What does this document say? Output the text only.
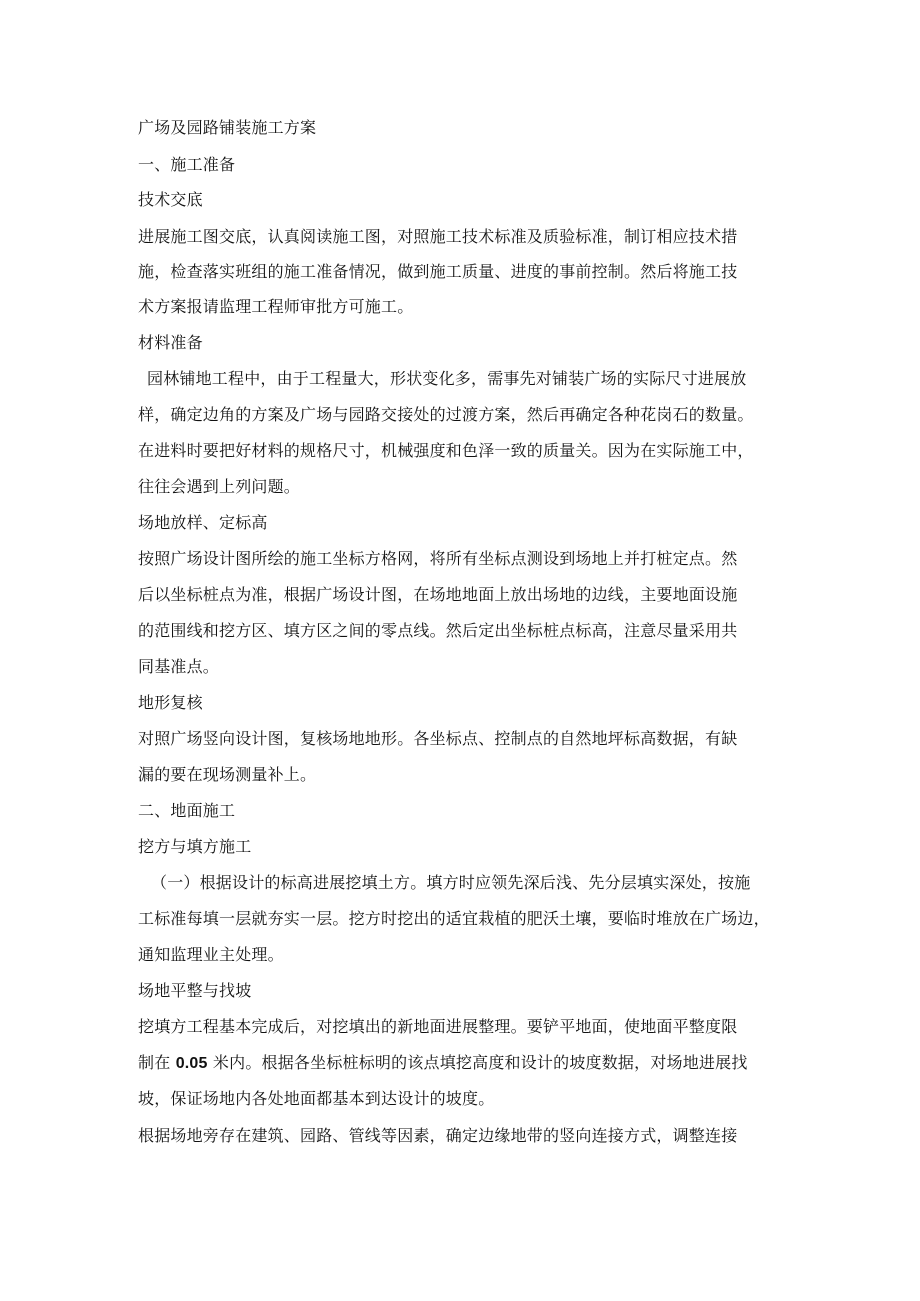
广场及园路铺装施工方案
一、施工准备
技术交底
进展施工图交底，认真阅读施工图，对照施工技术标准及质验标准，制订相应技术措
施，检查落实班组的施工准备情况，做到施工质量、进度的事前控制。然后将施工技
术方案报请监理工程师审批方可施工。
材料准备
园林铺地工程中，由于工程量大，形状变化多，需事先对铺装广场的实际尺寸进展放
样，确定边角的方案及广场与园路交接处的过渡方案，然后再确定各种花岗石的数量。
在进料时要把好材料的规格尺寸，机械强度和色泽一致的质量关。因为在实际施工中，
往往会遇到上列问题。
场地放样、定标高
按照广场设计图所绘的施工坐标方格网，将所有坐标点测设到场地上并打桩定点。然
后以坐标桩点为准，根据广场设计图，在场地地面上放出场地的边线，主要地面设施
的范围线和挖方区、填方区之间的零点线。然后定出坐标桩点标高，注意尽量采用共
同基准点。
地形复核
对照广场竖向设计图，复核场地地形。各坐标点、控制点的自然地坪标高数据，有缺
漏的要在现场测量补上。
二、地面施工
挖方与填方施工
（一）根据设计的标高进展挖填土方。填方时应领先深后浅、先分层填实深处，按施
工标准每填一层就夯实一层。挖方时挖出的适宜栽植的肥沃土壤，要临时堆放在广场边，
通知监理业主处理。
场地平整与找坡
挖填方工程基本完成后，对挖填出的新地面进展整理。要铲平地面，使地面平整度限
制在 0.05 米内。根据各坐标桩标明的该点填挖高度和设计的坡度数据，对场地进展找
坡，保证场地内各处地面都基本到达设计的坡度。
根据场地旁存在建筑、园路、管线等因素，确定边缘地带的竖向连接方式，调整连接
